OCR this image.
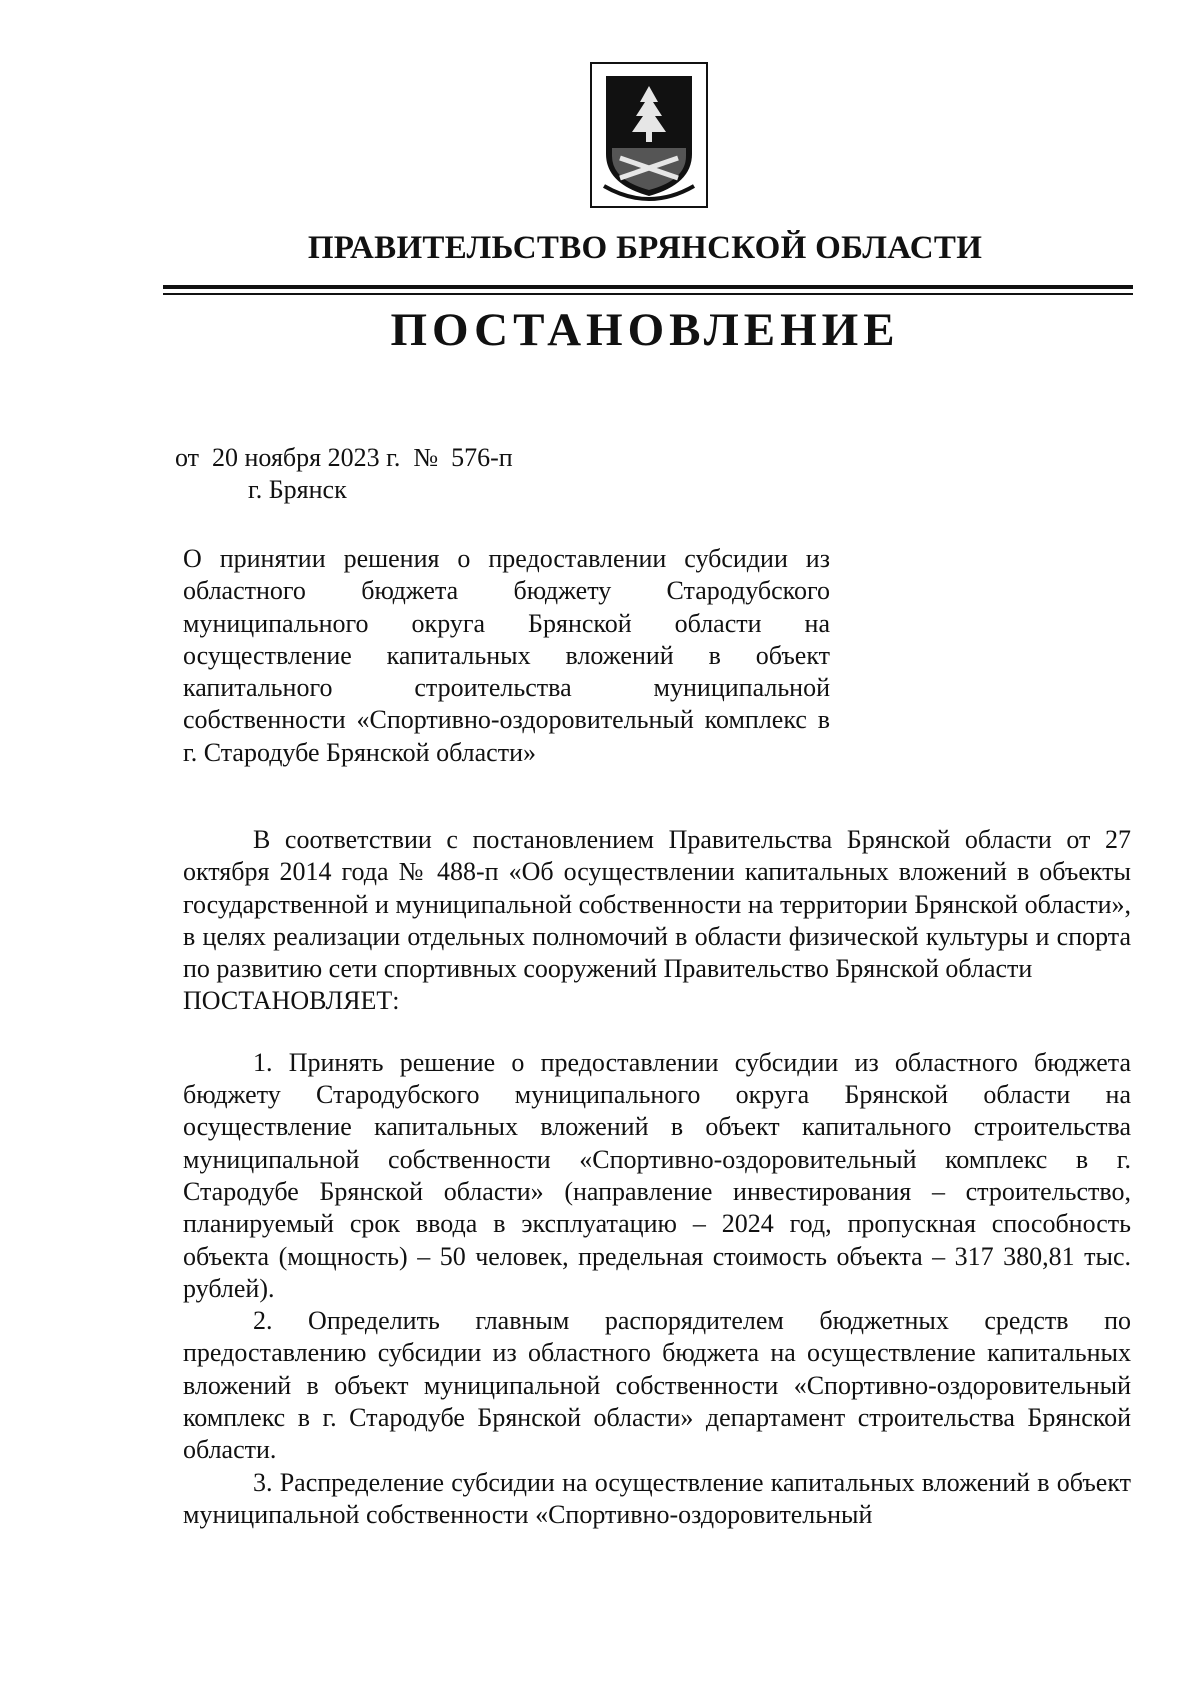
ПРАВИТЕЛЬСТВО БРЯНСКОЙ ОБЛАСТИ
ПОСТАНОВЛЕНИЕ
от  20 ноября 2023 г.  №  576-п
г. Брянск
О принятии решения о предоставлении субсидии из областного бюджета бюджету Стародубского муниципального округа Брянской области на осуществление капитальных вложений в объект капитального строительства муниципальной собственности «Спортивно-оздоровительный комплекс в г. Стародубе Брянской области»

В соответствии с постановлением Правительства Брянской области от 27 октября 2014 года № 488-п «Об осуществлении капитальных вложений в объекты государственной и муниципальной собственности на территории Брянской области», в целях реализации отдельных полномочий в области физической культуры и спорта по развитию сети спортивных сооружений Правительство Брянской области

ПОСТАНОВЛЯЕТ:

1. Принять решение о предоставлении субсидии из областного бюджета бюджету Стародубского муниципального округа Брянской области на осуществление капитальных вложений в объект капитального строительства муниципальной собственности «Спортивно-оздоровительный комплекс в г. Стародубе Брянской области» (направление инвестирования – строительство, планируемый срок ввода в эксплуатацию – 2024 год, пропускная способность объекта (мощность) – 50 человек, предельная стоимость объекта – 317 380,81 тыс. рублей).

2. Определить главным распорядителем бюджетных средств по предоставлению субсидии из областного бюджета на осуществление капитальных вложений в объект муниципальной собственности «Спортивно-оздоровительный комплекс в г. Стародубе Брянской области» департамент строительства Брянской области.

3. Распределение субсидии на осуществление капитальных вложений в объект муниципальной собственности «Спортивно-оздоровительный
